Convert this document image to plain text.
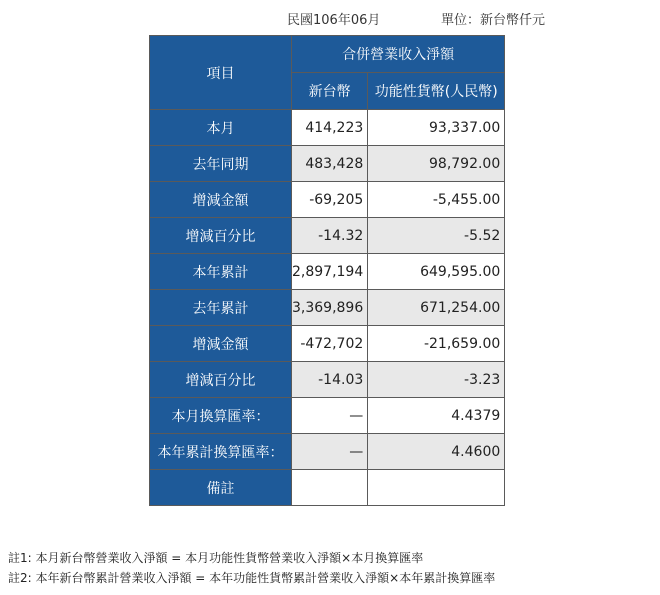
民國106年06月	單位：新台幣仟元
項目	合併營業收入淨額	
	新台幣	功能性貨幣(人民幣)
本月	414,223	93,337.00
去年同期	483,428	98,792.00
增減金額	-69,205	-5,455.00
增減百分比	-14.32	-5.52
本年累計	2,897,194	649,595.00
去年累計	3,369,896	671,254.00
增減金額	-472,702	-21,659.00
增減百分比	-14.03	-3.23
本月換算匯率：	—	4.4379
本年累計換算匯率：	—	4.4600
備註		
註1: 本月新台幣營業收入淨額 = 本月功能性貨幣營業收入淨額×本月換算匯率
註2: 本年新台幣累計營業收入淨額 = 本年功能性貨幣累計營業收入淨額×本年累計換算匯率
